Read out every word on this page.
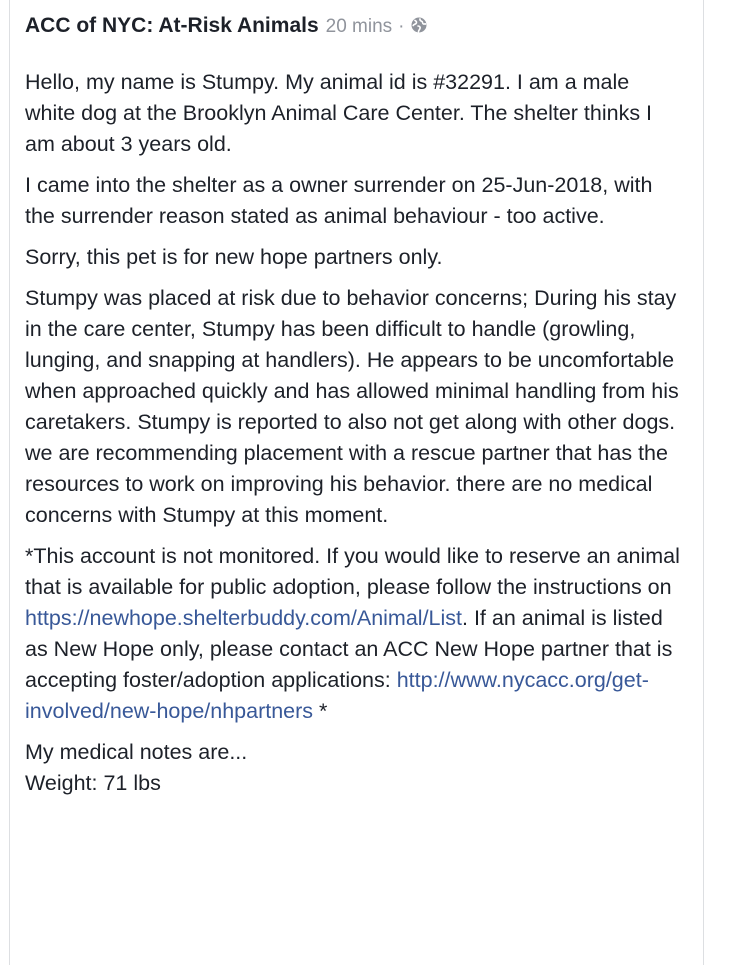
ACC of NYC: At-Risk Animals 20 mins ·

Hello, my name is Stumpy. My animal id is #32291. I am a male white dog at the Brooklyn Animal Care Center. The shelter thinks I am about 3 years old.

I came into the shelter as a owner surrender on 25-Jun-2018, with the surrender reason stated as animal behaviour - too active.

Sorry, this pet is for new hope partners only.

Stumpy was placed at risk due to behavior concerns; During his stay in the care center, Stumpy has been difficult to handle (growling, lunging, and snapping at handlers). He appears to be uncomfortable when approached quickly and has allowed minimal handling from his caretakers. Stumpy is reported to also not get along with other dogs. we are recommending placement with a rescue partner that has the resources to work on improving his behavior. there are no medical concerns with Stumpy at this moment.

*This account is not monitored. If you would like to reserve an animal that is available for public adoption, please follow the instructions on https://newhope.shelterbuddy.com/Animal/List. If an animal is listed as New Hope only, please contact an ACC New Hope partner that is accepting foster/adoption applications: http://www.nycacc.org/get-involved/new-hope/nhpartners *

My medical notes are...
Weight: 71 lbs
